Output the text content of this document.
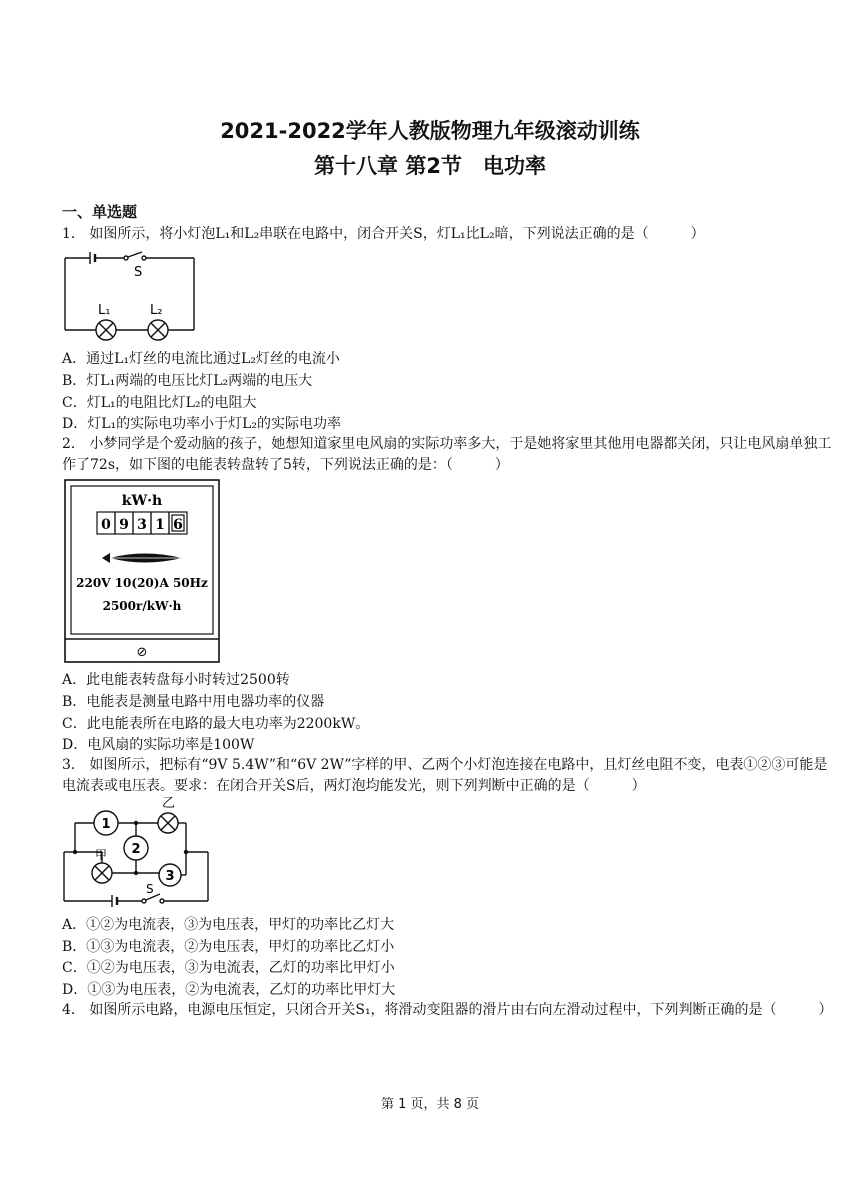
2021-2022学年人教版物理九年级滚动训练
第十八章 第2节　电功率
一、单选题
1． 如图所示，将小灯泡L₁和L₂串联在电路中，闭合开关S，灯L₁比L₂暗，下列说法正确的是（　　　）
S
L₁	L₂
A．通过L₁灯丝的电流比通过L₂灯丝的电流小
B．灯L₁两端的电压比灯L₂两端的电压大
C．灯L₁的电阻比灯L₂的电阻大
D．灯L₁的实际电功率小于灯L₂的实际电功率
2． 小梦同学是个爱动脑的孩子，她想知道家里电风扇的实际功率多大，于是她将家里其他用电器都关闭，只让电风扇单独工作了72s，如下图的电能表转盘转了5转，下列说法正确的是：（　　　）
kW·h
0 9 3 1 6
220V 10(20)A 50Hz
2500r/kW·h
⊘
A．此电能表转盘每小时转过2500转
B．电能表是测量电路中用电器功率的仪器
C．此电能表所在电路的最大电功率为2200kW。
D．电风扇的实际功率是100W
3． 如图所示，把标有“9V 5.4W”和“6V 2W”字样的甲、乙两个小灯泡连接在电路中，且灯丝电阻不变，电表①②③可能是电流表或电压表。要求：在闭合开关S后，两灯泡均能发光，则下列判断中正确的是（　　　）
乙
甲
1
2
3
S
A．①②为电流表，③为电压表，甲灯的功率比乙灯大
B．①③为电流表，②为电压表，甲灯的功率比乙灯小
C．①②为电压表，③为电流表，乙灯的功率比甲灯小
D．①③为电压表，②为电流表，乙灯的功率比甲灯大
4． 如图所示电路，电源电压恒定，只闭合开关S₁，将滑动变阻器的滑片由右向左滑动过程中，下列判断正确的是（　　　）
第 1 页，共 8 页
